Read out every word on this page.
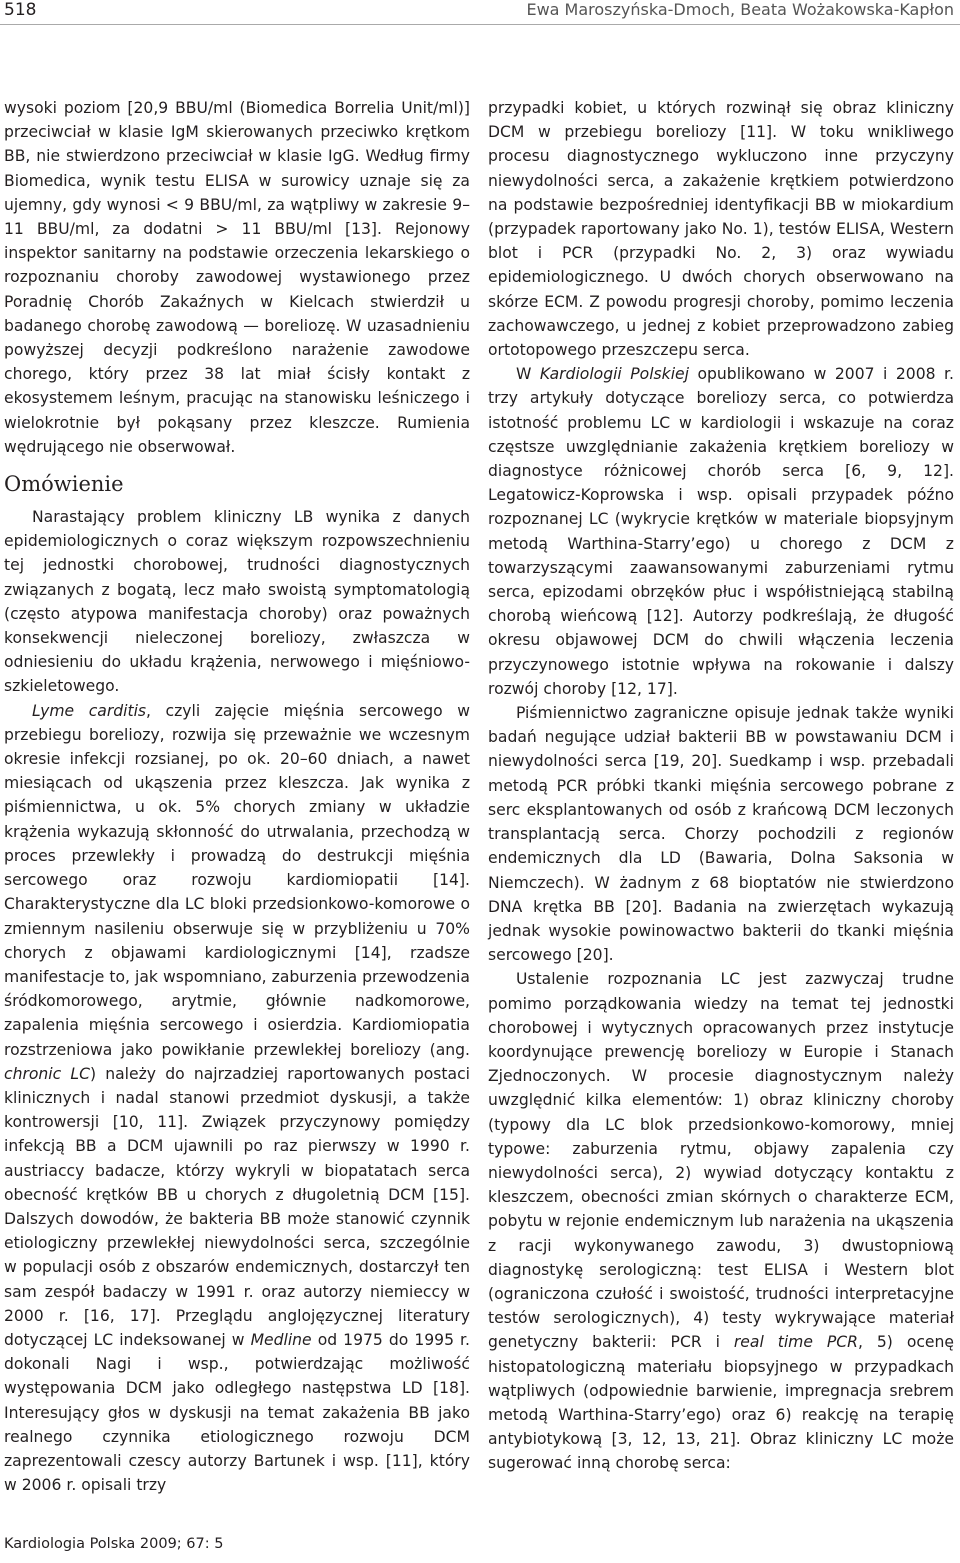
518	Ewa Maroszyńska-Dmoch, Beata Wożakowska-Kapłon

wysoki poziom [20,9 BBU/ml (Biomedica Borrelia Unit/ml)] przeciwciał w klasie IgM skierowanych przeciwko krętkom BB, nie stwierdzono przeciwciał w klasie IgG. Według firmy Biomedica, wynik testu ELISA w surowicy uznaje się za ujemny, gdy wynosi < 9 BBU/ml, za wątpliwy w zakresie 9–11 BBU/ml, za dodatni > 11 BBU/ml [13]. Rejonowy inspektor sanitarny na podstawie orzeczenia lekarskiego o rozpoznaniu choroby zawodowej wystawionego przez Poradnię Chorób Zakaźnych w Kielcach stwierdził u badanego chorobę zawodową — boreliozę. W uzasadnieniu powyższej decyzji podkreślono narażenie zawodowe chorego, który przez 38 lat miał ścisły kontakt z ekosystemem leśnym, pracując na stanowisku leśniczego i wielokrotnie był pokąsany przez kleszcze. Rumienia wędrującego nie obserwował.

Omówienie

Narastający problem kliniczny LB wynika z danych epidemiologicznych o coraz większym rozpowszechnieniu tej jednostki chorobowej, trudności diagnostycznych związanych z bogatą, lecz mało swoistą symptomatologią (często atypowa manifestacja choroby) oraz poważnych konsekwencji nieleczonej boreliozy, zwłaszcza w odniesieniu do układu krążenia, nerwowego i mięśniowo-szkieletowego.

Lyme carditis, czyli zajęcie mięśnia sercowego w przebiegu boreliozy, rozwija się przeważnie we wczesnym okresie infekcji rozsianej, po ok. 20–60 dniach, a nawet miesiącach od ukąszenia przez kleszcza. Jak wynika z piśmiennictwa, u ok. 5% chorych zmiany w układzie krążenia wykazują skłonność do utrwalania, przechodzą w proces przewlekły i prowadzą do destrukcji mięśnia sercowego oraz rozwoju kardiomiopatii [14]. Charakterystyczne dla LC bloki przedsionkowo-komorowe o zmiennym nasileniu obserwuje się w przybliżeniu u 70% chorych z objawami kardiologicznymi [14], rzadsze manifestacje to, jak wspomniano, zaburzenia przewodzenia śródkomorowego, arytmie, głównie nadkomorowe, zapalenia mięśnia sercowego i osierdzia. Kardiomiopatia rozstrzeniowa jako powikłanie przewlekłej boreliozy (ang. chronic LC) należy do najrzadziej raportowanych postaci klinicznych i nadal stanowi przedmiot dyskusji, a także kontrowersji [10, 11]. Związek przyczynowy pomiędzy infekcją BB a DCM ujawnili po raz pierwszy w 1990 r. austriaccy badacze, którzy wykryli w biopatatach serca obecność krętków BB u chorych z długoletnią DCM [15]. Dalszych dowodów, że bakteria BB może stanowić czynnik etiologiczny przewlekłej niewydolności serca, szczególnie w populacji osób z obszarów endemicznych, dostarczył ten sam zespół badaczy w 1991 r. oraz autorzy niemieccy w 2000 r. [16, 17]. Przeglądu anglojęzycznej literatury dotyczącej LC indeksowanej w Medline od 1975 do 1995 r. dokonali Nagi i wsp., potwierdzając możliwość występowania DCM jako odległego następstwa LD [18]. Interesujący głos w dyskusji na temat zakażenia BB jako realnego czynnika etiologicznego rozwoju DCM zaprezentowali czescy autorzy Bartunek i wsp. [11], który w 2006 r. opisali trzy

przypadki kobiet, u których rozwinął się obraz kliniczny DCM w przebiegu boreliozy [11]. W toku wnikliwego procesu diagnostycznego wykluczono inne przyczyny niewydolności serca, a zakażenie krętkiem potwierdzono na podstawie bezpośredniej identyfikacji BB w miokardium (przypadek raportowany jako No. 1), testów ELISA, Western blot i PCR (przypadki No. 2, 3) oraz wywiadu epidemiologicznego. U dwóch chorych obserwowano na skórze ECM. Z powodu progresji choroby, pomimo leczenia zachowawczego, u jednej z kobiet przeprowadzono zabieg ortotopowego przeszczepu serca.

W Kardiologii Polskiej opublikowano w 2007 i 2008 r. trzy artykuły dotyczące boreliozy serca, co potwierdza istotność problemu LC w kardiologii i wskazuje na coraz częstsze uwzględnianie zakażenia krętkiem boreliozy w diagnostyce różnicowej chorób serca [6, 9, 12]. Legatowicz-Koprowska i wsp. opisali przypadek późno rozpoznanej LC (wykrycie krętków w materiale biopsyjnym metodą Warthina-Starry’ego) u chorego z DCM z towarzyszącymi zaawansowanymi zaburzeniami rytmu serca, epizodami obrzęków płuc i współistniejącą stabilną chorobą wieńcową [12]. Autorzy podkreślają, że długość okresu objawowej DCM do chwili włączenia leczenia przyczynowego istotnie wpływa na rokowanie i dalszy rozwój choroby [12, 17].

Piśmiennictwo zagraniczne opisuje jednak także wyniki badań negujące udział bakterii BB w powstawaniu DCM i niewydolności serca [19, 20]. Suedkamp i wsp. przebadali metodą PCR próbki tkanki mięśnia sercowego pobrane z serc eksplantowanych od osób z krańcową DCM leczonych transplantacją serca. Chorzy pochodzili z regionów endemicznych dla LD (Bawaria, Dolna Saksonia w Niemczech). W żadnym z 68 bioptatów nie stwierdzono DNA krętka BB [20]. Badania na zwierzętach wykazują jednak wysokie powinowactwo bakterii do tkanki mięśnia sercowego [20].

Ustalenie rozpoznania LC jest zazwyczaj trudne pomimo porządkowania wiedzy na temat tej jednostki chorobowej i wytycznych opracowanych przez instytucje koordynujące prewencję boreliozy w Europie i Stanach Zjednoczonych. W procesie diagnostycznym należy uwzględnić kilka elementów: 1) obraz kliniczny choroby (typowy dla LC blok przedsionkowo-komorowy, mniej typowe: zaburzenia rytmu, objawy zapalenia czy niewydolności serca), 2) wywiad dotyczący kontaktu z kleszczem, obecności zmian skórnych o charakterze ECM, pobytu w rejonie endemicznym lub narażenia na ukąszenia z racji wykonywanego zawodu, 3) dwustopniową diagnostykę serologiczną: test ELISA i Western blot (ograniczona czułość i swoistość, trudności interpretacyjne testów serologicznych), 4) testy wykrywające materiał genetyczny bakterii: PCR i real time PCR, 5) ocenę histopatologiczną materiału biopsyjnego w przypadkach wątpliwych (odpowiednie barwienie, impregnacja srebrem metodą Warthina-Starry’ego) oraz 6) reakcję na terapię antybiotykową [3, 12, 13, 21]. Obraz kliniczny LC może sugerować inną chorobę serca:

Kardiologia Polska 2009; 67: 5
